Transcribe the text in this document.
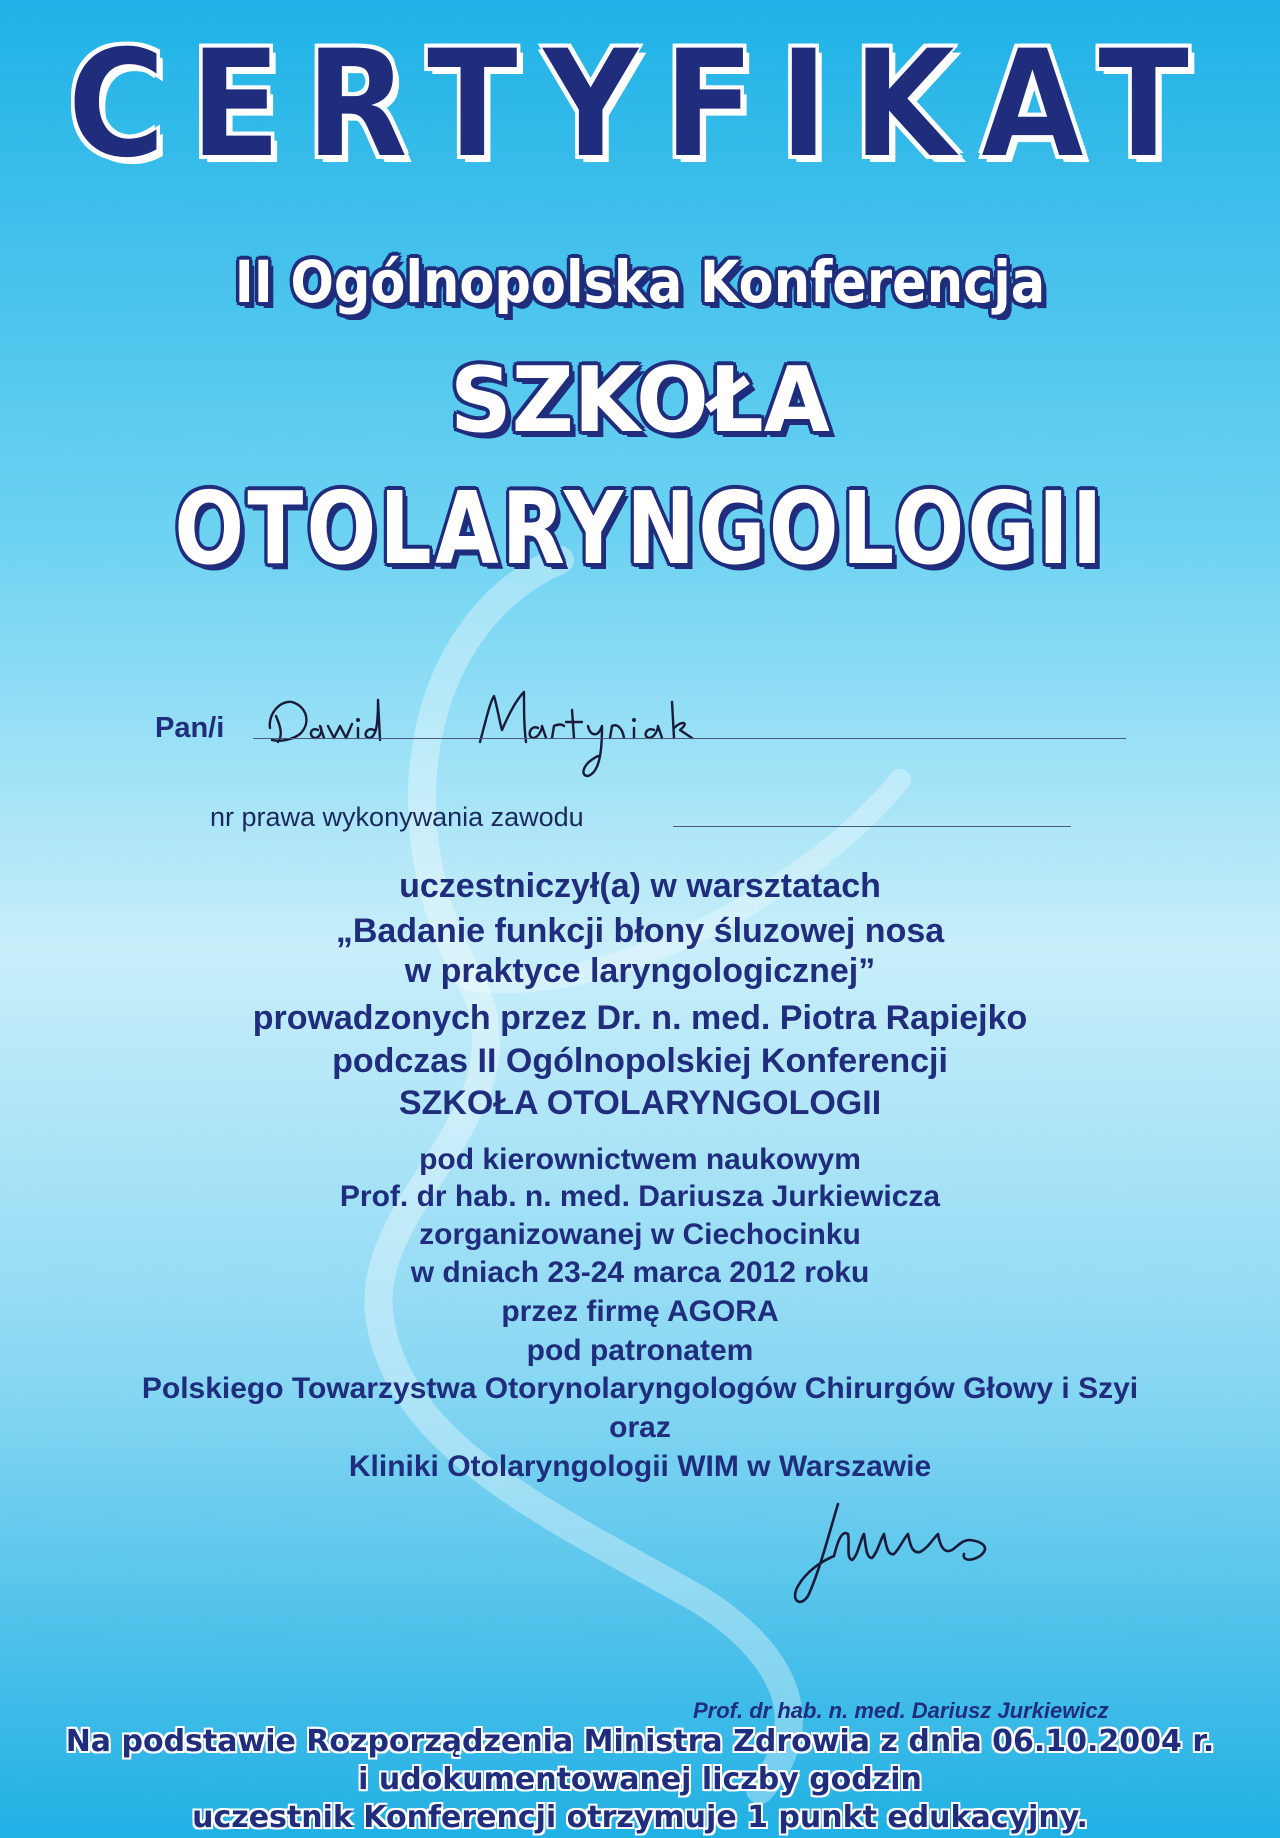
CERTYFIKAT
II Ogólnopolska Konferencja
SZKOŁA
OTOLARYNGOLOGII
Pan/i
nr prawa wykonywania zawodu
uczestniczył(a) w warsztatach
„Badanie funkcji błony śluzowej nosa
w praktyce laryngologicznej”
prowadzonych przez Dr. n. med. Piotra Rapiejko
podczas II Ogólnopolskiej Konferencji
SZKOŁA OTOLARYNGOLOGII
pod kierownictwem naukowym
Prof. dr hab. n. med. Dariusza Jurkiewicza
zorganizowanej w Ciechocinku
w dniach 23-24 marca 2012 roku
przez firmę AGORA
pod patronatem
Polskiego Towarzystwa Otorynolaryngologów Chirurgów Głowy i Szyi
oraz
Kliniki Otolaryngologii WIM w Warszawie
Prof. dr hab. n. med. Dariusz Jurkiewicz
Na podstawie Rozporządzenia Ministra Zdrowia z dnia 06.10.2004 r.
i udokumentowanej liczby godzin
uczestnik Konferencji otrzymuje 1 punkt edukacyjny.
